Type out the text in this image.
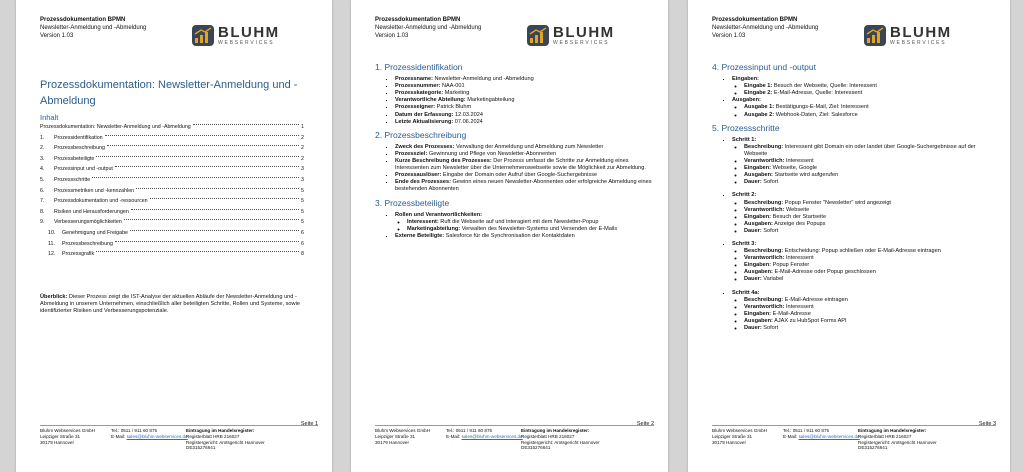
Prozessdokumentation BPMN
Newsletter-Anmeldung und -Abmeldung
Version 1.03	BLUHM
WEBSERVICES
Prozessdokumentation: Newsletter-Anmeldung und -Abmeldung
Inhalt
Prozessdokumentation: Newsletter-Anmeldung und -Abmeldung	1
1.	Prozessidentifikation	2
2.	Prozessbeschreibung	2
3.	Prozessbeteiligte	2
4.	Prozessinput und -output	3
5.	Prozessschritte	3
6.	Prozessmetriken und -kennzahlen	5
7.	Prozessdokumentation und -ressourcen	5
8.	Risiken und Herausforderungen	5
9.	Verbesserungsmöglichkeiten	5
10.	Genehmigung und Freigabe	6
11.	Prozessbeschreibung	6
12.	Prozessgrafik	8
Überblick: Dieser Prozess zeigt die IST-Analyse der aktuellen Abläufe der Newsletter-Anmeldung und -Abmeldung in unserem Unternehmen, einschließlich aller beteiligten Schritte, Rollen und Systeme, sowie identifizierter Risiken und Verbesserungspotenziale.
Seite 1
Bluhm Webservices GmbH
Leipziger Straße 31
30179 Hannover
Tel.: 0511 / 911 60 875
E-Mail: sales@bluhm-webservices.de
Eintragung im Handelsregister:
Registerblatt HRB 216027
Registergericht: Amtsgericht Hannover
DE315276641
Prozessdokumentation BPMN
Newsletter-Anmeldung und -Abmeldung
Version 1.03	BLUHM
WEBSERVICES
1. Prozessidentifikation
▪ Prozessname: Newsletter-Anmeldung und -Abmeldung
▪ Prozessnummer: NAA-001
▪ Prozesskategorie: Marketing
▪ Verantwortliche Abteilung: Marketingabteilung
▪ Prozesseigner: Patrick Bluhm
▪ Datum der Erfassung: 12.03.2024
▪ Letzte Aktualisierung: 07.06.2024
2. Prozessbeschreibung
▪ Zweck des Prozesses: Verwaltung der Anmeldung und Abmeldung zum Newsletter
▪ Prozessziel: Gewinnung und Pflege von Newsletter-Abonnenten
▪ Kurze Beschreibung des Prozesses: Der Prozess umfasst die Schritte zur Anmeldung eines Interessenten zum Newsletter über die Unternehmenswebseite sowie die Möglichkeit zur Abmeldung.
▪ Prozessauslöser: Eingabe der Domain oder Aufruf über Google-Suchergebnisse
▪ Ende des Prozesses: Gewinn eines neuen Newsletter-Abonnenten oder erfolgreiche Abmeldung eines bestehenden Abonnenten
3. Prozessbeteiligte
▪ Rollen und Verantwortlichkeiten:
◦ Interessent: Ruft die Webseite auf und interagiert mit dem Newsletter-Popup
◦ Marketingabteilung: Verwalten des Newsletter-Systems und Versenden der E-Mails
▪ Externe Beteiligte: Salesforce für die Synchronisation der Kontaktdaten
Seite 2
Bluhm Webservices GmbH
Leipziger Straße 31
30179 Hannover
Tel.: 0511 / 911 60 875
E-Mail: sales@bluhm-webservices.de
Eintragung im Handelsregister:
Registerblatt HRB 216027
Registergericht: Amtsgericht Hannover
DE315276641
Prozessdokumentation BPMN
Newsletter-Anmeldung und -Abmeldung
Version 1.03	BLUHM
WEBSERVICES
4. Prozessinput und -output
▪ Eingaben:
◦ Eingabe 1: Besuch der Webseite, Quelle: Interessent
◦ Eingabe 2: E-Mail-Adresse, Quelle: Interessent
▪ Ausgaben:
◦ Ausgabe 1: Bestätigungs-E-Mail, Ziel: Interessent
◦ Ausgabe 2: Webhook-Daten, Ziel: Salesforce
5. Prozessschritte
▪ Schritt 1:
◦ Beschreibung: Interessent gibt Domain ein oder landet über Google-Suchergebnisse auf der Webseite
◦ Verantwortlich: Interessent
◦ Eingaben: Webseite, Google
◦ Ausgaben: Startseite wird aufgerufen
◦ Dauer: Sofort
▪ Schritt 2:
◦ Beschreibung: Popup Fenster "Newsletter" wird angezeigt
◦ Verantwortlich: Webseite
◦ Eingaben: Besuch der Startseite
◦ Ausgaben: Anzeige des Popups
◦ Dauer: Sofort
▪ Schritt 3:
◦ Beschreibung: Entscheidung: Popup schließen oder E-Mail-Adresse eintragen
◦ Verantwortlich: Interessent
◦ Eingaben: Popup Fenster
◦ Ausgaben: E-Mail-Adresse oder Popup geschlossen
◦ Dauer: Variabel
▪ Schritt 4a:
◦ Beschreibung: E-Mail-Adresse eintragen
◦ Verantwortlich: Interessent
◦ Eingaben: E-Mail-Adresse
◦ Ausgaben: AJAX zu HubSpot Forms API
◦ Dauer: Sofort
Seite 3
Bluhm Webservices GmbH
Leipziger Straße 31
30179 Hannover
Tel.: 0511 / 911 60 875
E-Mail: sales@bluhm-webservices.de
Eintragung im Handelsregister:
Registerblatt HRB 216027
Registergericht: Amtsgericht Hannover
DE315276641
